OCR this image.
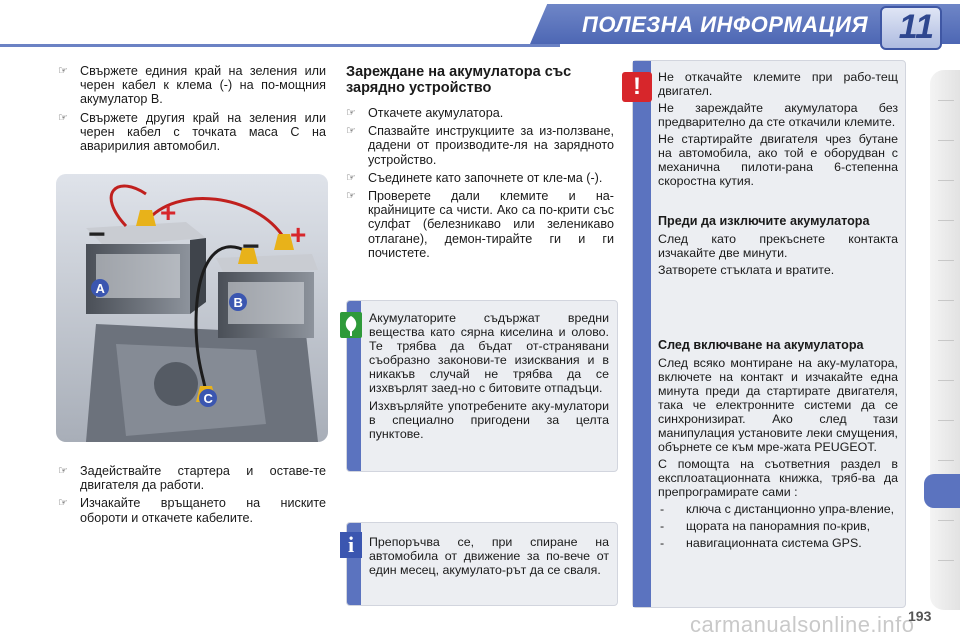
ПОЛЕЗНА ИНФОРМАЦИЯ 11
☞ Свържете единия край на зеления или черен кабел к клема (-) на по-мощния акумулатор B.
☞ Свържете другия край на зеления или черен кабел с точката маса C на аваририлия автомобил.
+
−	+
−
A
B
C
☞ Задействайте стартера и оставе-те двигателя да работи.
☞ Изчакайте връщането на ниските обороти и откачете кабелите.
Зареждане на акумулатора със зарядно устройство
☞ Откачете акумулатора.
☞ Спазвайте инструкциите за из-ползване, дадени от производите-ля на зарядното устройство.
☞ Съединете като започнете от кле-ма (-).
☞ Проверете дали клемите и на-крайниците са чисти. Ако са по-крити със сулфат (белезникаво или зеленикаво отлагане), демон-тирайте ги и ги почистете.

Акумулаторите съдържат вредни вещества като сярна киселина и олово. Те трябва да бъдат от-странявани съобразно законови-те изисквания и в никакъв случай не трябва да се изхвърлят заед-но с битовите отпадъци.

Изхвърляйте употребените аку-мулатори в специално пригодени за целта пунктове.

Препоръчва се, при спиране на автомобила от движение за по-вече от един месец, акумулато-рът да се сваля.

i
!	Не откачайте клемите при рабо-тещ двигател.

Не зареждайте акумулатора без предварително да сте откачили клемите.

Не стартирайте двигателя чрез бутане на автомобила, ако той е оборудван с механична пилоти-рана 6-степенна скоростна кутия.

Преди да изключите акумулатора

След като прекъснете контакта изчакайте две минути.

Затворете стъклата и вратите.

След включване на акумулатора

След всяко монтиране на аку-мулатора, включете на контакт и изчакайте една минута преди да стартирате двигателя, така че електронните системи да се синхронизират. Ако след тази манипулация установите леки смущения, обърнете се към мре-жата PEUGEOT.

С помощта на съответния раздел в експлоатационната книжка, тряб-ва да препрограмирате сами :

- ключа с дистанционно упра-вление,
- щората на панорамния по-крив,
- навигационната система GPS.
carmanualsonline.info
193
